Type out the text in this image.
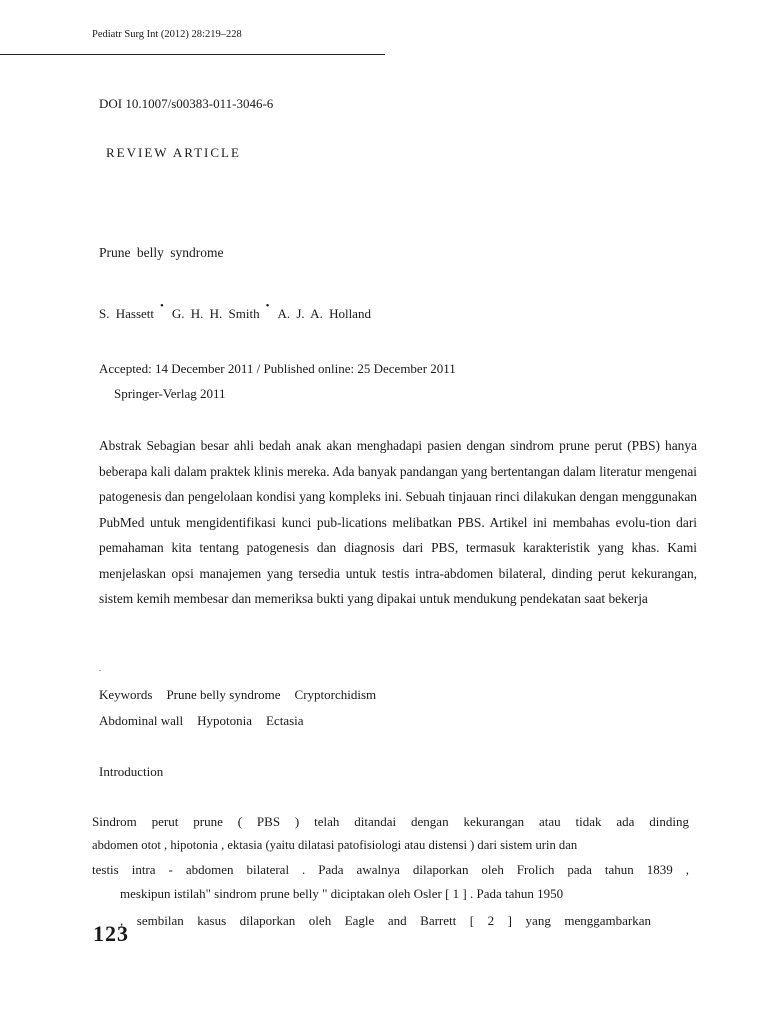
Pediatr Surg Int (2012) 28:219–228
DOI 10.1007/s00383-011-3046-6
REVIEW ARTICLE
Prune belly syndrome
S. Hassett • G. H. H. Smith • A. J. A. Holland
Accepted: 14 December 2011 / Published online: 25 December 2011
Springer-Verlag 2011

Abstrak Sebagian besar ahli bedah anak akan menghadapi pasien dengan sindrom prune perut (PBS) hanya beberapa kali dalam praktek klinis mereka. Ada banyak pandangan yang bertentangan dalam literatur mengenai patogenesis dan pengelolaan kondisi yang kompleks ini. Sebuah tinjauan rinci dilakukan dengan menggunakan PubMed untuk mengidentifikasi kunci pub-lications melibatkan PBS. Artikel ini membahas evolu-tion dari pemahaman kita tentang patogenesis dan diagnosis dari PBS, termasuk karakteristik yang khas. Kami menjelaskan opsi manajemen yang tersedia untuk testis intra-abdomen bilateral, dinding perut kekurangan, sistem kemih membesar dan memeriksa bukti yang dipakai untuk mendukung pendekatan saat bekerja

.
Keywords Prune belly syndrome Cryptorchidism
Abdominal wall Hypotonia Ectasia
Introduction
Sindrom perut prune ( PBS ) telah ditandai dengan kekurangan atau tidak ada dinding
abdomen otot , hipotonia , ektasia (yaitu dilatasi patofisiologi atau distensi ) dari sistem urin dan
testis intra - abdomen bilateral . Pada awalnya dilaporkan oleh Frolich pada tahun 1839 ,
meskipun istilah" sindrom prune belly " diciptakan oleh Osler [ 1 ] . Pada tahun 1950
, sembilan kasus dilaporkan oleh Eagle and Barrett [ 2 ] yang menggambarkan
123
